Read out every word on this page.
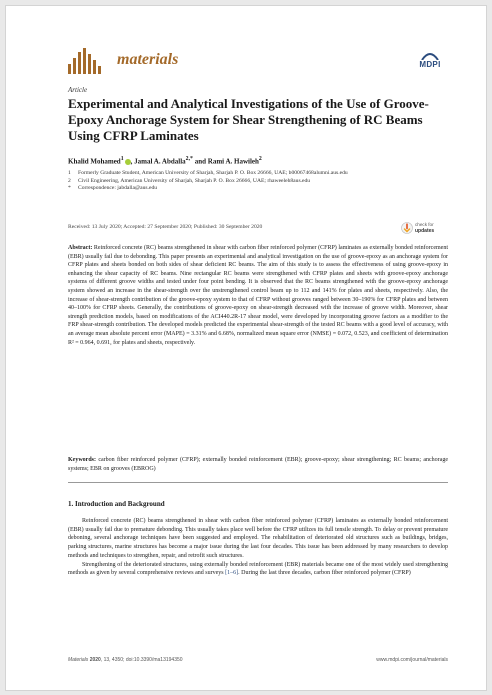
materials	MDPI
Article
Experimental and Analytical Investigations of the Use of Groove-Epoxy Anchorage System for Shear Strengthening of RC Beams Using CFRP Laminates
Khalid Mohamed$^1$ , Jamal A. Abdalla$^{2,*}$ and Rami A. Hawileh$^2$
1	Formerly Graduate Student, American University of Sharjah, Sharjah P. O. Box 26666, UAE; b00067468alumni.aus.edu
2	Civil Engineering, American University of Sharjah, Sharjah P. O. Box 26666, UAE; rhaweeleh8aus.edu
*	Correspondence: jabdalla@aus.edu
check for
updates
Received: 13 July 2020; Accepted: 27 September 2020; Published: 30 September 2020
Abstract: Reinforced concrete (RC) beams strengthened in shear with carbon fiber reinforced polymer (CFRP) laminates as externally bonded reinforcement (EBR) usually fail due to debonding. This paper presents an experimental and analytical investigation on the use of groove-epoxy as an anchorage system for CFRP plates and sheets bonded on both sides of shear deficient RC beams. The aim of this study is to assess the effectiveness of using groove-epoxy in enhancing the shear capacity of RC beams. Nine rectangular RC beams were strengthened with CFRP plates and sheets with groove-epoxy anchorage systems of different groove widths and tested under four point bending. It is observed that the RC beams strengthened with the groove-epoxy anchorage system showed an increase in the shear-strength over the unstrengthened control beam up to 112 and 141% for plates and sheets, respectively. Also, the increase of shear-strength contribution of the groove-epoxy system to that of CFRP without grooves ranged between 30–190% for CFRP plates and between 40–100% for CFRP sheets. Generally, the contributions of groove-epoxy on shear-strength decreased with the increase of groove width. Moreover, shear strength prediction models, based on modifications of the ACI440.2R-17 shear model, were developed by incorporating groove factors as a modifier to the FRP shear-strength contribution. The developed models predicted the experimental shear-strength of the tested RC beams with a good level of accuracy, with an average mean absolute percent error (MAPE) = 3.31% and 6.68%, normalized mean square error (NMSE) = 0.072, 0.523, and coefficient of determination R² = 0.964, 0.691, for plates and sheets, respectively.
Keywords: carbon fiber reinforced polymer (CFRP); externally bonded reinforcement (EBR); groove-epoxy; shear strengthening; RC beams; anchorage systems; EBR on grooves (EBROG)
1. Introduction and Background

Reinforced concrete (RC) beams strengthened in shear with carbon fiber reinforced polymer (CFRP) laminates as externally bonded reinforcement (EBR) usually fail due to premature debonding. This usually takes place well before the CFRP utilizes its full tensile strength. To delay or prevent premature deboning, several anchorage techniques have been suggested and employed. The rehabilitation of deteriorated old structures such as buildings, bridges, parking structures, marine structures has become a major issue during the last four decades. This issue has been addressed by many researchers to develop methods and techniques to strengthen, repair, and retrofit such structures.

Strengthening of the deteriorated structures, using externally bonded reinforcement (EBR) materials became one of the most widely used strengthening methods as given by several comprehensive reviews and surveys [1–6]. During the last three decades, carbon fiber reinforced polymer (CFRP)

Materials 2020, 13, 4350; doi:10.3390/ma13194350	www.mdpi.com/journal/materials
